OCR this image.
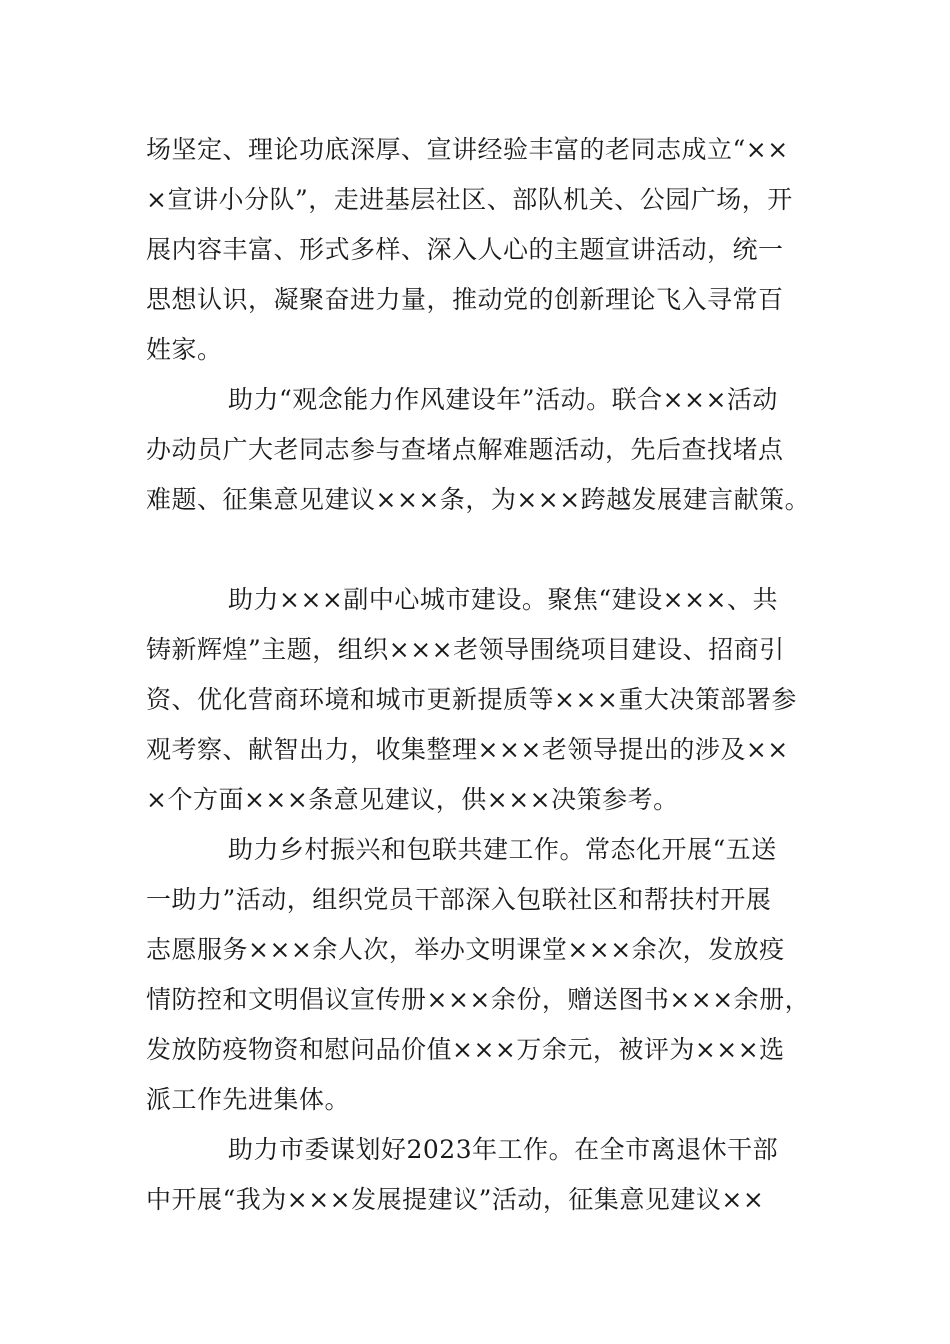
场坚定、理论功底深厚、宣讲经验丰富的老同志成立“××
×宣讲小分队”，走进基层社区、部队机关、公园广场，开
展内容丰富、形式多样、深入人心的主题宣讲活动，统一
思想认识，凝聚奋进力量，推动党的创新理论飞入寻常百
姓家。
助力“观念能力作风建设年”活动。联合×××活动
办动员广大老同志参与查堵点解难题活动，先后查找堵点
难题、征集意见建议×××条，为×××跨越发展建言献策。
助力×××副中心城市建设。聚焦“建设×××、共
铸新辉煌”主题，组织×××老领导围绕项目建设、招商引
资、优化营商环境和城市更新提质等×××重大决策部署参
观考察、献智出力，收集整理×××老领导提出的涉及××
×个方面×××条意见建议，供×××决策参考。
助力乡村振兴和包联共建工作。常态化开展“五送
一助力”活动，组织党员干部深入包联社区和帮扶村开展
志愿服务×××余人次，举办文明课堂×××余次，发放疫
情防控和文明倡议宣传册×××余份，赠送图书×××余册，
发放防疫物资和慰问品价值×××万余元，被评为×××选
派工作先进集体。
助力市委谋划好2023年工作。在全市离退休干部
中开展“我为×××发展提建议”活动，征集意见建议××
